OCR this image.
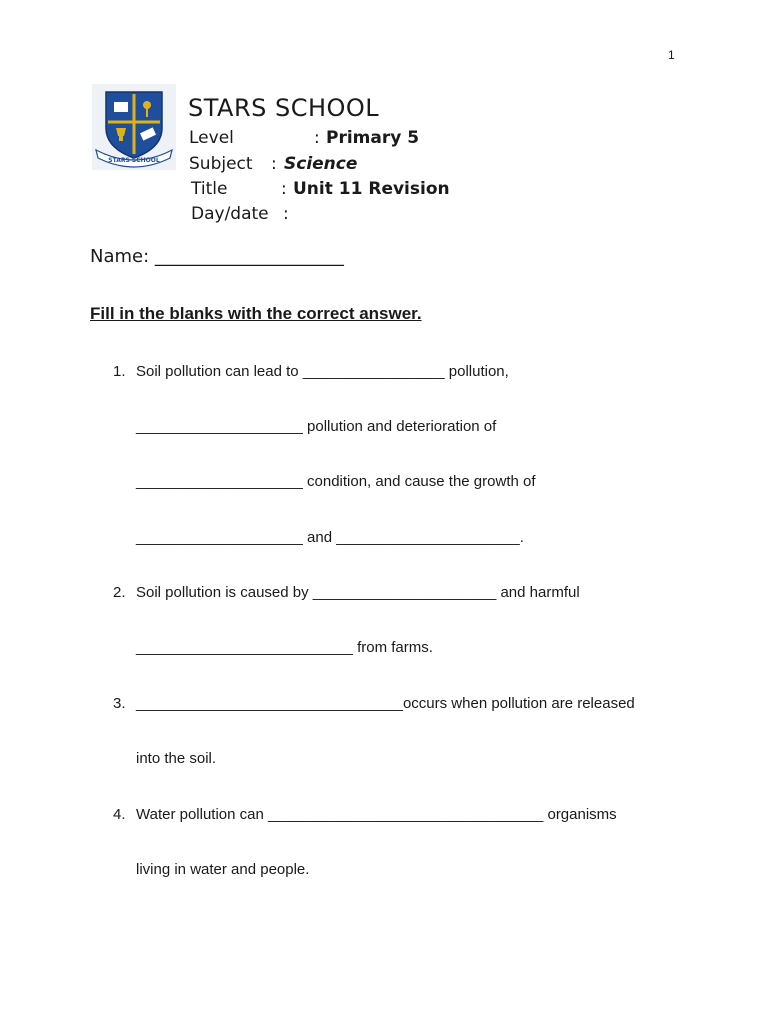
1
STARS SCHOOL
STARS SCHOOL
Level	: Primary 5
Subject : Science
Title	: Unit 11 Revision
Day/date :
Name: _____________________
Fill in the blanks with the correct answer.
1. Soil pollution can lead to _________________ pollution,
____________________ pollution and deterioration of
____________________ condition, and cause the growth of
____________________ and ______________________.
2. Soil pollution is caused by ______________________ and harmful
__________________________ from farms.
3. ________________________________occurs when pollution are released
into the soil.
4. Water pollution can _________________________________ organisms
living in water and people.
